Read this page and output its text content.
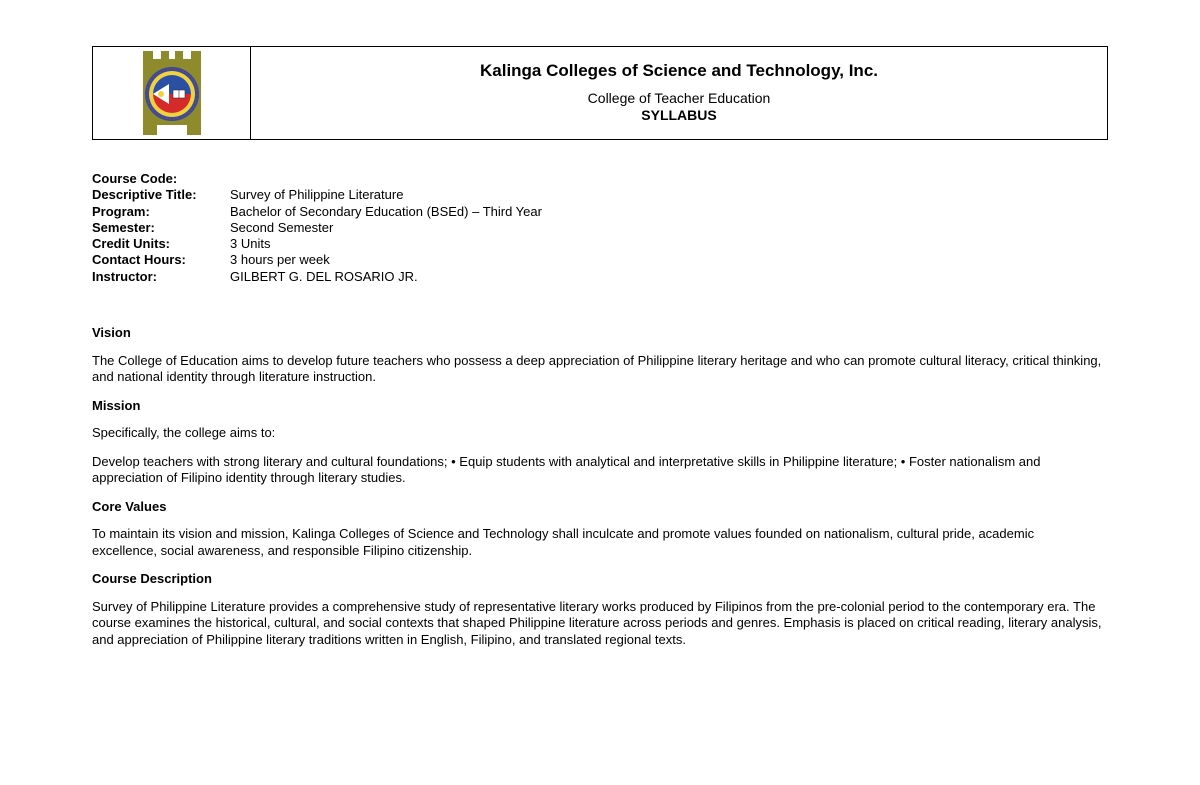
Kalinga Colleges of Science and Technology, Inc.
College of Teacher Education
SYLLABUS
Course Code:
Descriptive Title:	Survey of Philippine Literature
Program:	Bachelor of Secondary Education (BSEd) – Third Year
Semester:	Second Semester
Credit Units:	3 Units
Contact Hours:	3 hours per week
Instructor:	GILBERT G. DEL ROSARIO JR.
Vision
The College of Education aims to develop future teachers who possess a deep appreciation of Philippine literary heritage and who can promote cultural literacy, critical thinking, and national identity through literature instruction.
Mission
Specifically, the college aims to:
Develop teachers with strong literary and cultural foundations; • Equip students with analytical and interpretative skills in Philippine literature; • Foster nationalism and appreciation of Filipino identity through literary studies.
Core Values
To maintain its vision and mission, Kalinga Colleges of Science and Technology shall inculcate and promote values founded on nationalism, cultural pride, academic excellence, social awareness, and responsible Filipino citizenship.
Course Description
Survey of Philippine Literature provides a comprehensive study of representative literary works produced by Filipinos from the pre-colonial period to the contemporary era. The course examines the historical, cultural, and social contexts that shaped Philippine literature across periods and genres. Emphasis is placed on critical reading, literary analysis, and appreciation of Philippine literary traditions written in English, Filipino, and translated regional texts.
